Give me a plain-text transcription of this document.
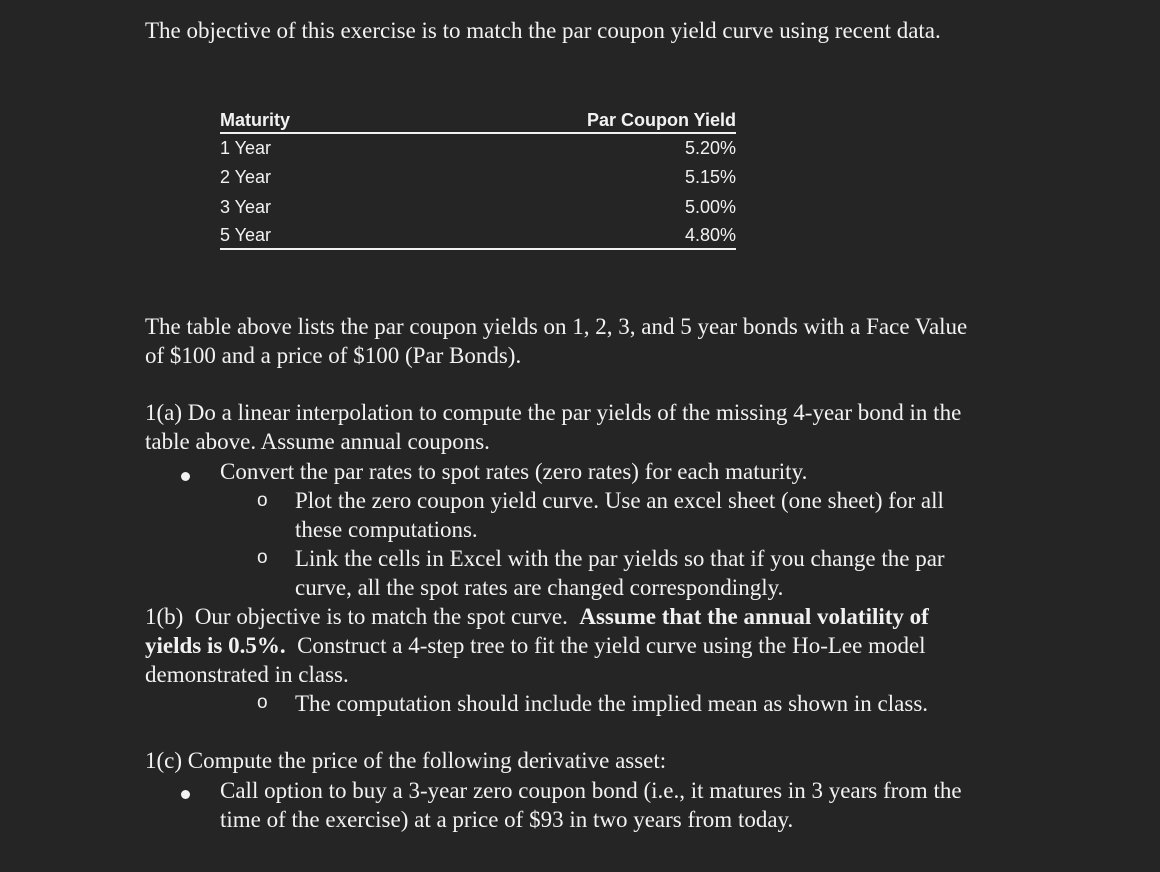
The objective of this exercise is to match the par coupon yield curve using recent data.
Maturity	Par Coupon Yield
1 Year	5.20%
2 Year	5.15%
3 Year	5.00%
5 Year	4.80%
The table above lists the par coupon yields on 1, 2, 3, and 5 year bonds with a Face Value
of $100 and a price of $100 (Par Bonds).
1(a) Do a linear interpolation to compute the par yields of the missing 4-year bond in the
table above. Assume annual coupons.
Convert the par rates to spot rates (zero rates) for each maturity.
o Plot the zero coupon yield curve. Use an excel sheet (one sheet) for all
these computations.
o Link the cells in Excel with the par yields so that if you change the par
curve, all the spot rates are changed correspondingly.
1(b)  Our objective is to match the spot curve.  Assume that the annual volatility of
yields is 0.5%.  Construct a 4-step tree to fit the yield curve using the Ho-Lee model
demonstrated in class.
o The computation should include the implied mean as shown in class.
1(c) Compute the price of the following derivative asset:
Call option to buy a 3-year zero coupon bond (i.e., it matures in 3 years from the
time of the exercise) at a price of $93 in two years from today.
